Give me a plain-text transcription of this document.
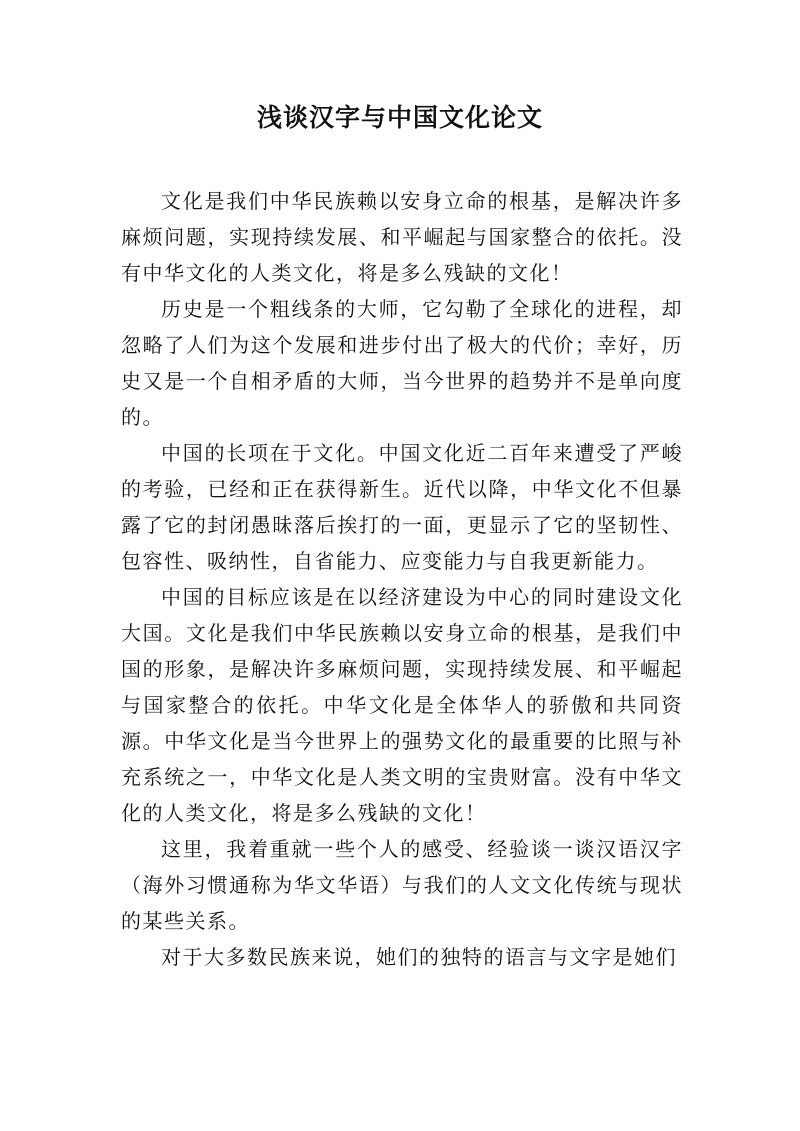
浅谈汉字与中国文化论文

文化是我们中华民族赖以安身立命的根基，是解决许多麻烦问题，实现持续发展、和平崛起与国家整合的依托。没有中华文化的人类文化，将是多么残缺的文化！

历史是一个粗线条的大师，它勾勒了全球化的进程，却忽略了人们为这个发展和进步付出了极大的代价；幸好，历史又是一个自相矛盾的大师，当今世界的趋势并不是单向度的。

中国的长项在于文化。中国文化近二百年来遭受了严峻的考验，已经和正在获得新生。近代以降，中华文化不但暴露了它的封闭愚昧落后挨打的一面，更显示了它的坚韧性、包容性、吸纳性，自省能力、应变能力与自我更新能力。

中国的目标应该是在以经济建设为中心的同时建设文化大国。文化是我们中华民族赖以安身立命的根基，是我们中国的形象，是解决许多麻烦问题，实现持续发展、和平崛起与国家整合的依托。中华文化是全体华人的骄傲和共同资源。中华文化是当今世界上的强势文化的最重要的比照与补充系统之一，中华文化是人类文明的宝贵财富。没有中华文化的人类文化，将是多么残缺的文化！

这里，我着重就一些个人的感受、经验谈一谈汉语汉字（海外习惯通称为华文华语）与我们的人文文化传统与现状的某些关系。

对于大多数民族来说，她们的独特的语言与文字是她们
